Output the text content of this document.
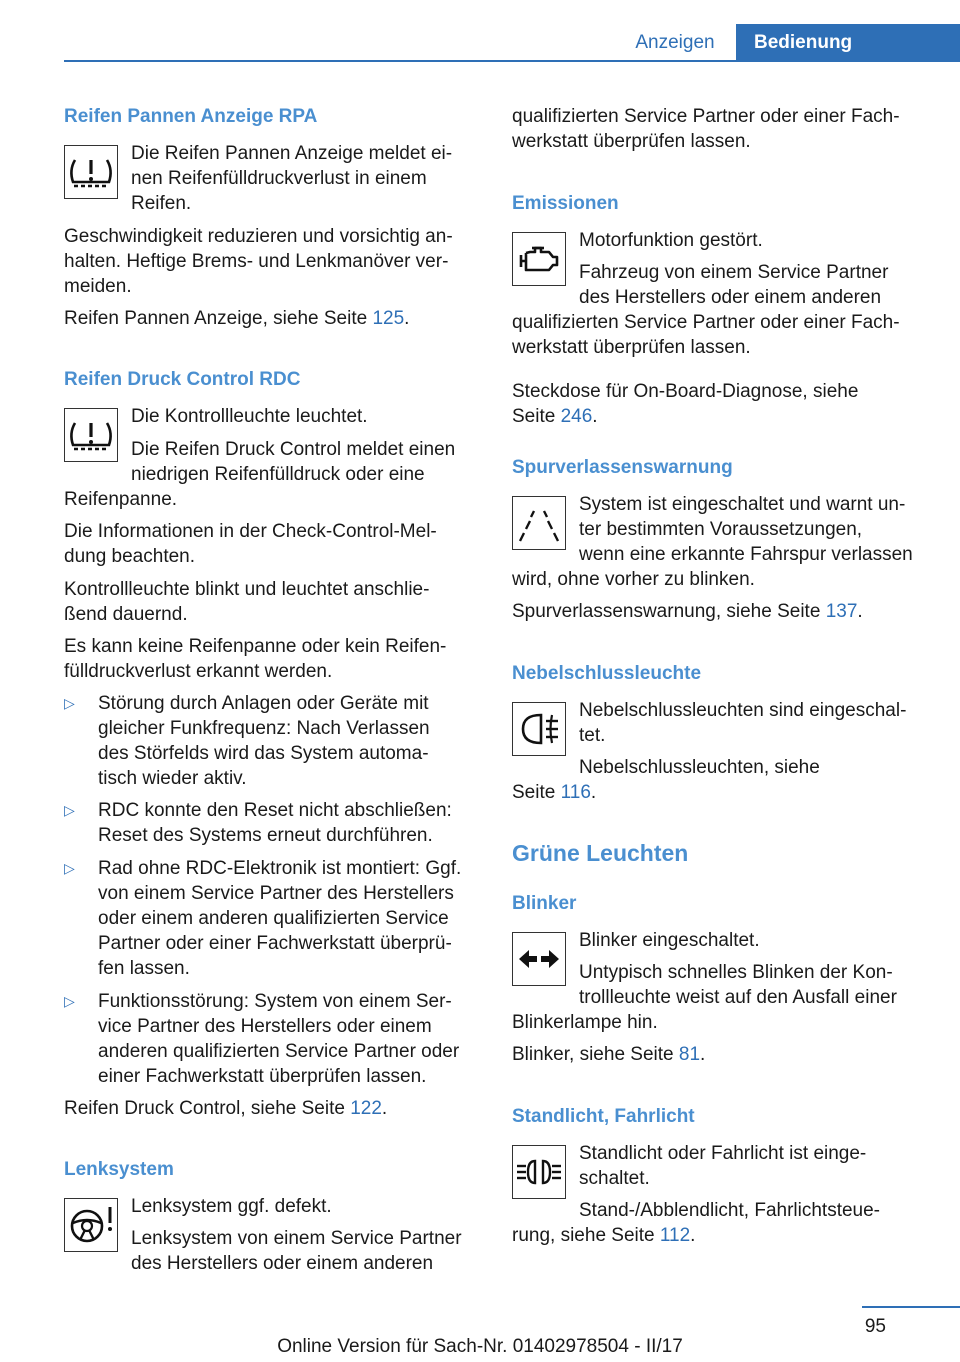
Anzeigen	Bedienung

Reifen Pannen Anzeige RPA

Die Reifen Pannen Anzeige meldet ei-

nen Reifenfülldruckverlust in einem

Reifen.

Geschwindigkeit reduzieren und vorsichtig an-

halten. Heftige Brems- und Lenkmanöver ver-

meiden.

Reifen Pannen Anzeige, siehe Seite 125.

Reifen Druck Control RDC

Die Kontrollleuchte leuchtet.

Die Reifen Druck Control meldet einen

niedrigen Reifenfülldruck oder eine

Reifenpanne.

Die Informationen in der Check-Control-Mel-

dung beachten.

Kontrollleuchte blinkt und leuchtet anschlie-

ßend dauernd.

Es kann keine Reifenpanne oder kein Reifen-

fülldruckverlust erkannt werden.

▷ Störung durch Anlagen oder Geräte mit

gleicher Funkfrequenz: Nach Verlassen

des Störfelds wird das System automa-

tisch wieder aktiv.

▷ RDC konnte den Reset nicht abschließen:

Reset des Systems erneut durchführen.

▷ Rad ohne RDC-Elektronik ist montiert: Ggf.

von einem Service Partner des Herstellers

oder einem anderen qualifizierten Service

Partner oder einer Fachwerkstatt überprü-

fen lassen.

▷ Funktionsstörung: System von einem Ser-

vice Partner des Herstellers oder einem

anderen qualifizierten Service Partner oder

einer Fachwerkstatt überprüfen lassen.

Reifen Druck Control, siehe Seite 122.

Lenksystem

Lenksystem ggf. defekt.

Lenksystem von einem Service Partner

des Herstellers oder einem anderen

qualifizierten Service Partner oder einer Fach-

werkstatt überprüfen lassen.

Emissionen

Motorfunktion gestört.

Fahrzeug von einem Service Partner

des Herstellers oder einem anderen

qualifizierten Service Partner oder einer Fach-

werkstatt überprüfen lassen.

Steckdose für On-Board-Diagnose, siehe

Seite 246.

Spurverlassenswarnung

System ist eingeschaltet und warnt un-

ter bestimmten Voraussetzungen,

wenn eine erkannte Fahrspur verlassen

wird, ohne vorher zu blinken.

Spurverlassenswarnung, siehe Seite 137.

Nebelschlussleuchte

Nebelschlussleuchten sind eingeschal-

tet.

Nebelschlussleuchten, siehe

Seite 116.

Grüne Leuchten

Blinker

Blinker eingeschaltet.

Untypisch schnelles Blinken der Kon-

trollleuchte weist auf den Ausfall einer

Blinkerlampe hin.

Blinker, siehe Seite 81.

Standlicht, Fahrlicht

Standlicht oder Fahrlicht ist einge-

schaltet.

Stand-/Abblendlicht, Fahrlichtsteue-

rung, siehe Seite 112.

95
Online Version für Sach-Nr. 01402978504 - II/17
